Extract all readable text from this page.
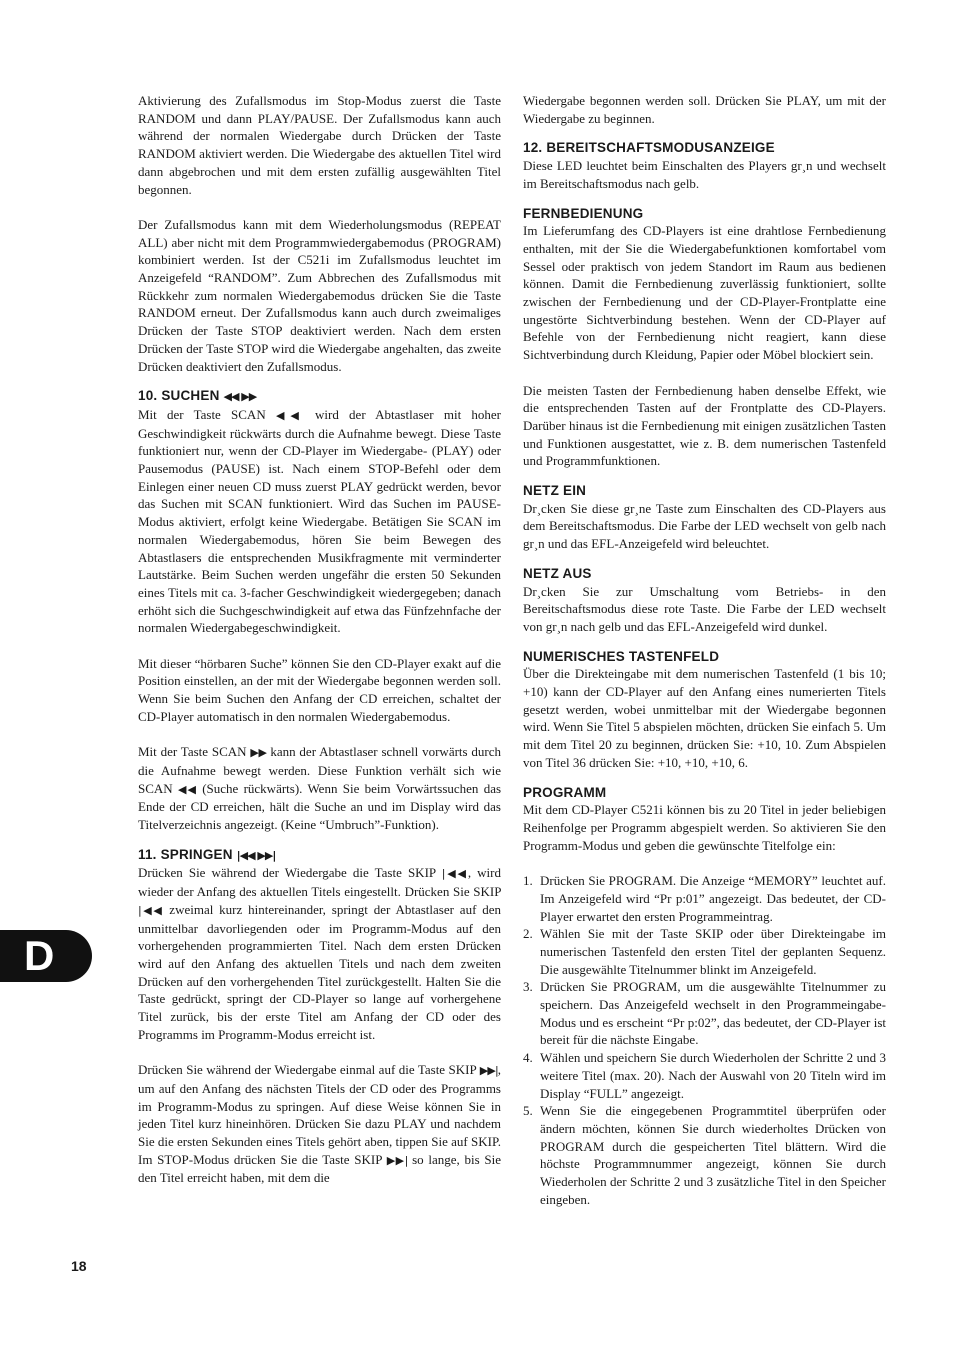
Aktivierung des Zufallsmodus im Stop-Modus zuerst die Taste RANDOM und dann PLAY/PAUSE. Der Zufallsmodus kann auch während der normalen Wiedergabe durch Drücken der Taste RANDOM aktiviert werden. Die Wiedergabe des aktuellen Titel wird dann abgebrochen und mit dem ersten zufällig ausgewählten Titel begonnen.

Der Zufallsmodus kann mit dem Wiederholungsmodus (REPEAT ALL) aber nicht mit dem Programmwiedergabemodus (PROGRAM) kombiniert werden. Ist der C521i im Zufallsmodus leuchtet im Anzeigefeld “RANDOM”. Zum Abbrechen des Zufallsmodus mit Rückkehr zum normalen Wiedergabemodus drücken Sie die Taste RANDOM erneut. Der Zufallsmodus kann auch durch zweimaliges Drücken der Taste STOP deaktiviert werden. Nach dem ersten Drücken der Taste STOP wird die Wiedergabe angehalten, das zweite Drücken deaktiviert den Zufallsmodus.

10. SUCHEN ◀◀ ▶▶

Mit der Taste SCAN ◀◀ wird der Abtastlaser mit hoher Geschwindigkeit rückwärts durch die Aufnahme bewegt. Diese Taste funktioniert nur, wenn der CD-Player im Wiedergabe- (PLAY) oder Pausemodus (PAUSE) ist. Nach einem STOP-Befehl oder dem Einlegen einer neuen CD muss zuerst PLAY gedrückt werden, bevor das Suchen mit SCAN funktioniert. Wird das Suchen im PAUSE-Modus aktiviert, erfolgt keine Wiedergabe. Betätigen Sie SCAN im normalen Wiedergabemodus, hören Sie beim Bewegen des Abtastlasers die entsprechenden Musikfragmente mit verminderter Lautstärke. Beim Suchen werden ungefähr die ersten 50 Sekunden eines Titels mit ca. 3-facher Geschwindigkeit wiedergegeben; danach erhöht sich die Suchgeschwindigkeit auf etwa das Fünfzehnfache der normalen Wiedergabegeschwindigkeit.

Mit dieser “hörbaren Suche” können Sie den CD-Player exakt auf die Position einstellen, an der mit der Wiedergabe begonnen werden soll. Wenn Sie beim Suchen den Anfang der CD erreichen, schaltet der CD-Player automatisch in den normalen Wiedergabemodus.

Mit der Taste SCAN ▶▶ kann der Abtastlaser schnell vorwärts durch die Aufnahme bewegt werden. Diese Funktion verhält sich wie SCAN ◀◀ (Suche rückwärts). Wenn Sie beim Vorwärtssuchen das Ende der CD erreichen, hält die Suche an und im Display wird das Titelverzeichnis angezeigt. (Keine “Umbruch”-Funktion).

11. SPRINGEN |◀◀ ▶▶|

Drücken Sie während der Wiedergabe die Taste SKIP |◀◀, wird wieder der Anfang des aktuellen Titels eingestellt. Drücken Sie SKIP |◀◀ zweimal kurz hintereinander, springt der Abtastlaser auf den unmittelbar davorliegenden oder im Programm-Modus auf den vorhergehenden programmierten Titel. Nach dem ersten Drücken wird auf den Anfang des aktuellen Titels und nach dem zweiten Drücken auf den vorhergehenden Titel zurückgestellt. Halten Sie die Taste gedrückt, springt der CD-Player so lange auf vorhergehene Titel zurück, bis der erste Titel am Anfang der CD oder des Programms im Programm-Modus erreicht ist.

Drücken Sie während der Wiedergabe einmal auf die Taste SKIP ▶▶|, um auf den Anfang des nächsten Titels der CD oder des Programms im Programm-Modus zu springen. Auf diese Weise können Sie in jeden Titel kurz hineinhören. Drücken Sie dazu PLAY und nachdem Sie die ersten Sekunden eines Titels gehört aben, tippen Sie auf SKIP. Im STOP-Modus drücken Sie die Taste SKIP ▶▶| so lange, bis Sie den Titel erreicht haben, mit dem die

Wiedergabe begonnen werden soll. Drücken Sie PLAY, um mit der Wiedergabe zu beginnen.

12. BEREITSCHAFTSMODUSANZEIGE

Diese LED leuchtet beim Einschalten des Players gr¸n und wechselt im Bereitschaftsmodus nach gelb.

FERNBEDIENUNG

Im Lieferumfang des CD-Players ist eine drahtlose Fernbedienung enthalten, mit der Sie die Wiedergabefunktionen komfortabel vom Sessel oder praktisch von jedem Standort im Raum aus bedienen können. Damit die Fernbedienung zuverlässig funktioniert, sollte zwischen der Fernbedienung und der CD-Player-Frontplatte eine ungestörte Sichtverbindung bestehen. Wenn der CD-Player auf Befehle von der Fernbedienung nicht reagiert, kann diese Sichtverbindung durch Kleidung, Papier oder Möbel blockiert sein.

Die meisten Tasten der Fernbedienung haben denselbe Effekt, wie die entsprechenden Tasten auf der Frontplatte des CD-Players. Darüber hinaus ist die Fernbedienung mit einigen zusätzlichen Tasten und Funktionen ausgestattet, wie z. B. dem numerischen Tastenfeld und Programmfunktionen.

NETZ EIN

Dr¸cken Sie diese gr¸ne Taste zum Einschalten des CD-Players aus dem Bereitschaftsmodus. Die Farbe der LED wechselt von gelb nach gr¸n und das EFL-Anzeigefeld wird beleuchtet.

NETZ AUS

Dr¸cken Sie zur Umschaltung vom Betriebs- in den Bereitschaftsmodus diese rote Taste. Die Farbe der LED wechselt von gr¸n nach gelb und das EFL-Anzeigefeld wird dunkel.

NUMERISCHES TASTENFELD

Über die Direkteingabe mit dem numerischen Tastenfeld (1 bis 10; +10) kann der CD-Player auf den Anfang eines numerierten Titels gesetzt werden, wobei unmittelbar mit der Wiedergabe begonnen wird. Wenn Sie Titel 5 abspielen möchten, drücken Sie einfach 5. Um mit dem Titel 20 zu beginnen, drücken Sie: +10, 10. Zum Abspielen von Titel 36 drücken Sie: +10, +10, +10, 6.

PROGRAMM

Mit dem CD-Player C521i können bis zu 20 Titel in jeder beliebigen Reihenfolge per Programm abgespielt werden. So aktivieren Sie den Programm-Modus und geben die gewünschte Titelfolge ein:

1. Drücken Sie PROGRAM. Die Anzeige “MEMORY” leuchtet auf. Im Anzeigefeld wird “Pr p:01” angezeigt. Das bedeutet, der CD-Player erwartet den ersten Programmeintrag.
2. Wählen Sie mit der Taste SKIP oder über Direkteingabe im numerischen Tastenfeld den ersten Titel der geplanten Sequenz. Die ausgewählte Titelnummer blinkt im Anzeigefeld.
3. Drücken Sie PROGRAM, um die ausgewählte Titelnummer zu speichern. Das Anzeigefeld wechselt in den Programmeingabe-Modus und es erscheint “Pr p:02”, das bedeutet, der CD-Player ist bereit für die nächste Eingabe.
4. Wählen und speichern Sie durch Wiederholen der Schritte 2 und 3 weitere Titel (max. 20). Nach der Auswahl von 20 Titeln wird im Display “FULL” angezeigt.
5. Wenn Sie die eingegebenen Programmtitel überprüfen oder ändern möchten, können Sie durch wiederholtes Drücken von PROGRAM durch die gespeicherten Titel blättern. Wird die höchste Programmnummer angezeigt, können Sie durch Wiederholen der Schritte 2 und 3 zusätzliche Titel in den Speicher eingeben.
D
18
